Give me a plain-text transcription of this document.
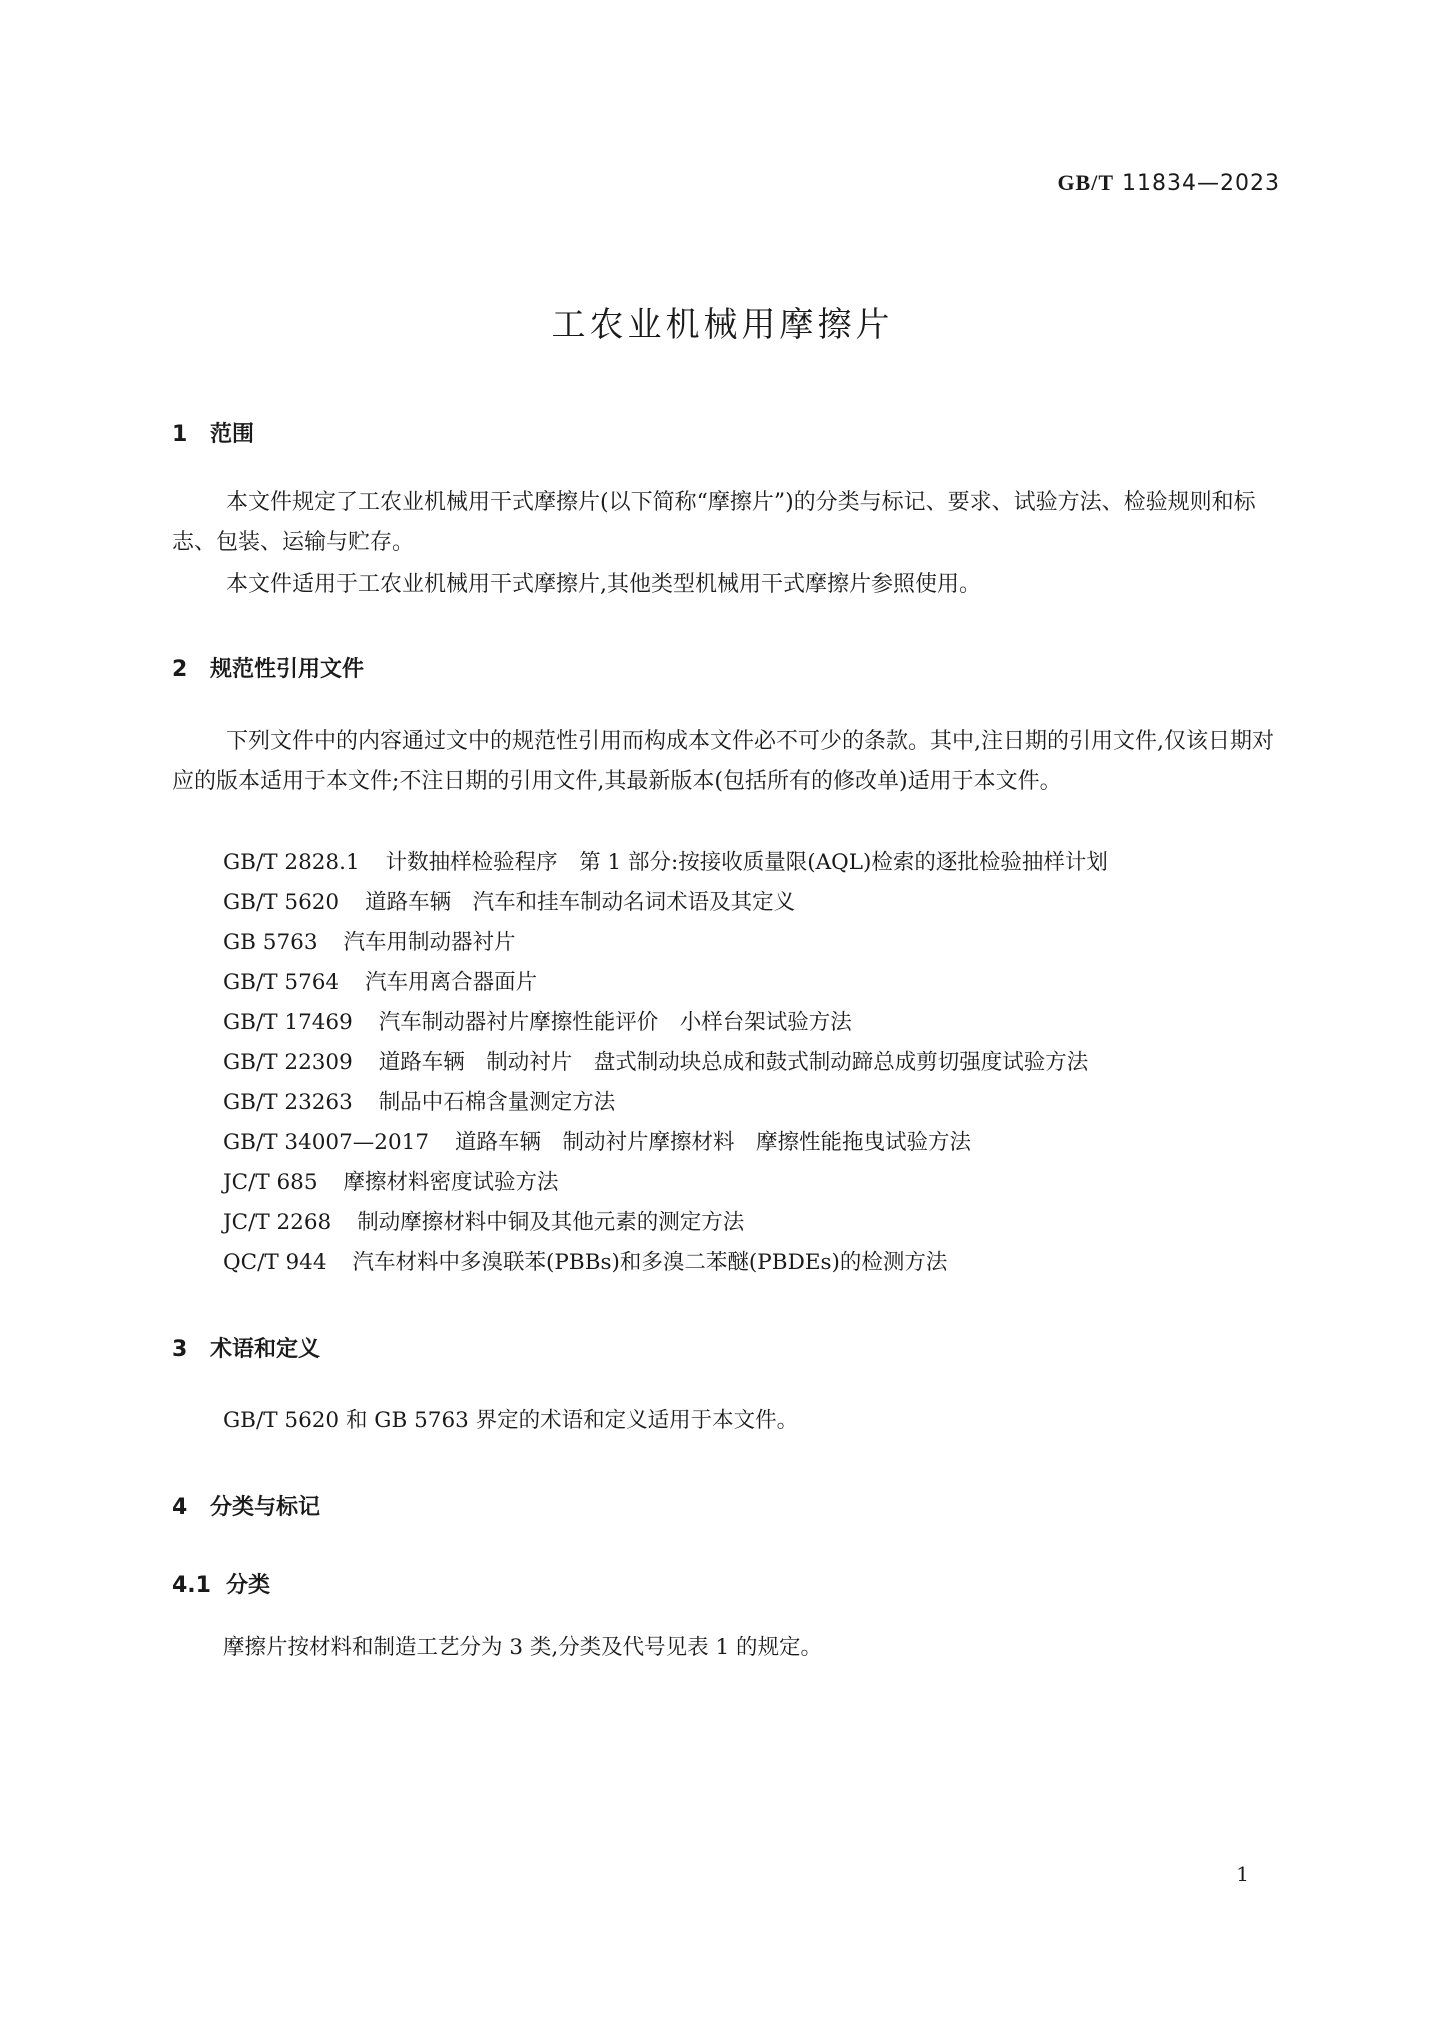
GB/T 11834—2023
工农业机械用摩擦片
1 范围
本文件规定了工农业机械用干式摩擦片(以下简称“摩擦片”)的分类与标记、要求、试验方法、检验规则和标志、包装、运输与贮存。
本文件适用于工农业机械用干式摩擦片,其他类型机械用干式摩擦片参照使用。
2 规范性引用文件
下列文件中的内容通过文中的规范性引用而构成本文件必不可少的条款。其中,注日期的引用文件,仅该日期对应的版本适用于本文件;不注日期的引用文件,其最新版本(包括所有的修改单)适用于本文件。
GB/T 2828.1 计数抽样检验程序　第 1 部分:按接收质量限(AQL)检索的逐批检验抽样计划
GB/T 5620 道路车辆　汽车和挂车制动名词术语及其定义
GB 5763 汽车用制动器衬片
GB/T 5764 汽车用离合器面片
GB/T 17469 汽车制动器衬片摩擦性能评价　小样台架试验方法
GB/T 22309 道路车辆　制动衬片　盘式制动块总成和鼓式制动蹄总成剪切强度试验方法
GB/T 23263 制品中石棉含量测定方法
GB/T 34007—2017 道路车辆　制动衬片摩擦材料　摩擦性能拖曳试验方法
JC/T 685 摩擦材料密度试验方法
JC/T 2268 制动摩擦材料中铜及其他元素的测定方法
QC/T 944 汽车材料中多溴联苯(PBBs)和多溴二苯醚(PBDEs)的检测方法
3 术语和定义
GB/T 5620 和 GB 5763 界定的术语和定义适用于本文件。
4 分类与标记
4.1 分类
摩擦片按材料和制造工艺分为 3 类,分类及代号见表 1 的规定。
1
